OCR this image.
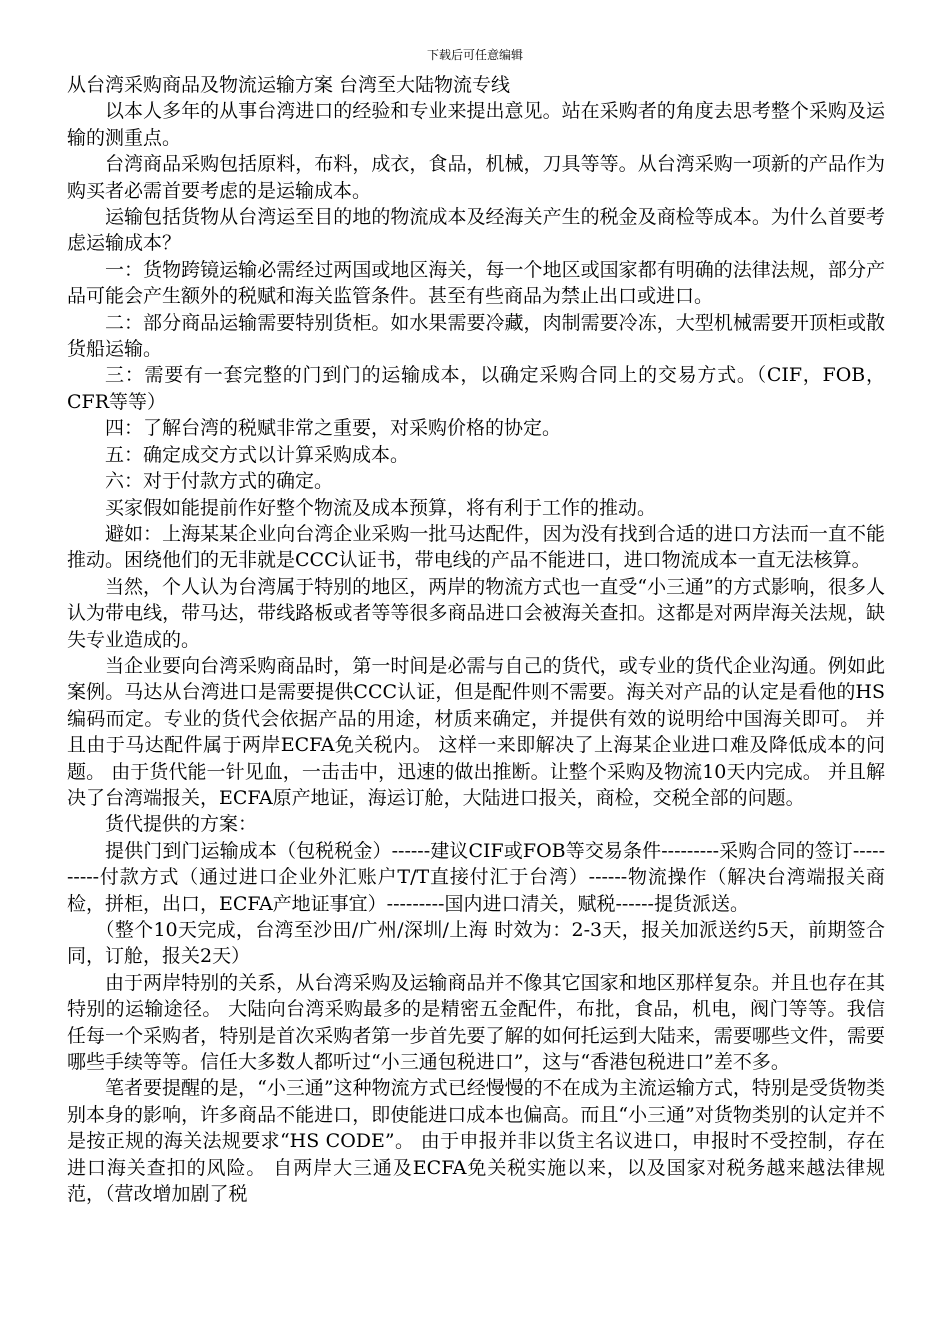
下载后可任意编辑
从台湾采购商品及物流运输方案 台湾至大陆物流专线

以本人多年的从事台湾进口的经验和专业来提出意见。站在采购者的角度去思考整个采购及运输的测重点。

台湾商品采购包括原料，布料，成衣，食品，机械，刀具等等。从台湾采购一项新的产品作为购买者必需首要考虑的是运输成本。

运输包括货物从台湾运至目的地的物流成本及经海关产生的税金及商检等成本。为什么首要考虑运输成本？

一：货物跨镜运输必需经过两国或地区海关，每一个地区或国家都有明确的法律法规，部分产品可能会产生额外的税赋和海关监管条件。甚至有些商品为禁止出口或进口。

二：部分商品运输需要特别货柜。如水果需要冷藏，肉制需要冷冻，大型机械需要开顶柜或散货船运输。

三：需要有一套完整的门到门的运输成本，以确定采购合同上的交易方式。（CIF，FOB，CFR等等）

四：了解台湾的税赋非常之重要，对采购价格的协定。

五：确定成交方式以计算采购成本。

六：对于付款方式的确定。

买家假如能提前作好整个物流及成本预算，将有利于工作的推动。

避如：上海某某企业向台湾企业采购一批马达配件，因为没有找到合适的进口方法而一直不能推动。困绕他们的无非就是CCC认证书，带电线的产品不能进口，进口物流成本一直无法核算。

当然，个人认为台湾属于特别的地区，两岸的物流方式也一直受“小三通”的方式影响，很多人认为带电线，带马达，带线路板或者等等很多商品进口会被海关查扣。这都是对两岸海关法规，缺失专业造成的。

当企业要向台湾采购商品时，第一时间是必需与自己的货代，或专业的货代企业沟通。例如此案例。马达从台湾进口是需要提供CCC认证，但是配件则不需要。海关对产品的认定是看他的HS编码而定。专业的货代会依据产品的用途，材质来确定，并提供有效的说明给中国海关即可。 并且由于马达配件属于两岸ECFA免关税内。 这样一来即解决了上海某企业进口难及降低成本的问题。 由于货代能一针见血，一击击中，迅速的做出推断。让整个采购及物流10天内完成。 并且解决了台湾端报关，ECFA原产地证，海运订舱，大陆进口报关，商检，交税全部的问题。

货代提供的方案：

提供门到门运输成本（包税税金）------建议CIF或FOB等交易条件---------采购合同的签订----------付款方式（通过进口企业外汇账户T/T直接付汇于台湾）------物流操作（解决台湾端报关商检，拼柜，出口，ECFA产地证事宜）---------国内进口清关，赋税------提货派送。

（整个10天完成，台湾至沙田/广州/深圳/上海 时效为：2-3天，报关加派送约5天，前期签合同，订舱，报关2天）

由于两岸特别的关系，从台湾采购及运输商品并不像其它国家和地区那样复杂。并且也存在其特别的运输途径。 大陆向台湾采购最多的是精密五金配件，布批，食品，机电，阀门等等。我信任每一个采购者，特别是首次采购者第一步首先要了解的如何托运到大陆来，需要哪些文件，需要哪些手续等等。信任大多数人都听过“小三通包税进口”，这与“香港包税进口”差不多。

笔者要提醒的是，“小三通”这种物流方式已经慢慢的不在成为主流运输方式，特别是受货物类别本身的影响，许多商品不能进口，即使能进口成本也偏高。而且“小三通”对货物类别的认定并不是按正规的海关法规要求“HS CODE”。 由于申报并非以货主名议进口，申报时不受控制，存在进口海关查扣的风险。 自两岸大三通及ECFA免关税实施以来，以及国家对税务越来越法律规范，（营改增加剧了税
